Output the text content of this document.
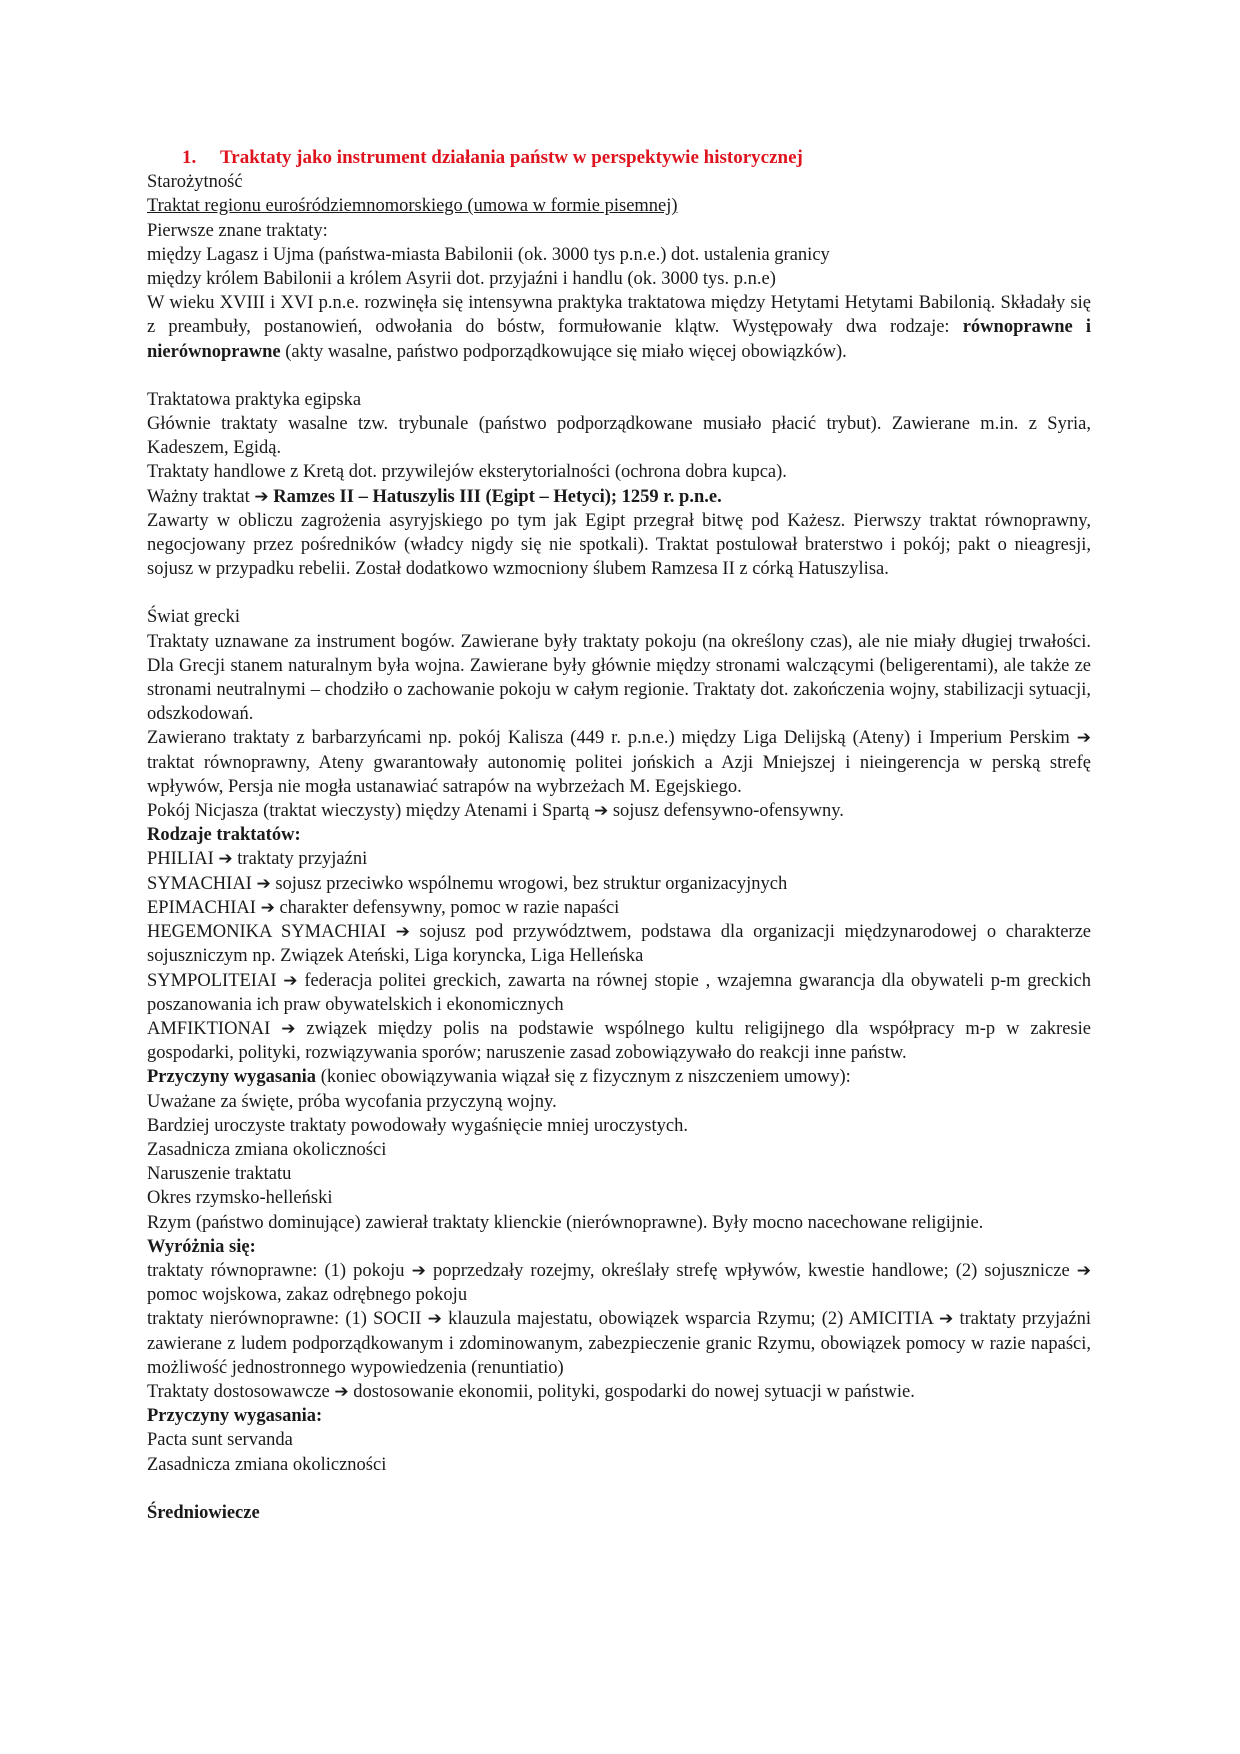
1. Traktaty jako instrument działania państw w perspektywie historycznej

Starożytność

Traktat regionu eurośródziemnomorskiego (umowa w formie pisemnej)

Pierwsze znane traktaty:

między Lagasz i Ujma (państwa-miasta Babilonii (ok. 3000 tys p.n.e.) dot. ustalenia granicy

między królem Babilonii a królem Asyrii dot. przyjaźni i handlu (ok. 3000 tys. p.n.e)

W wieku XVIII i XVI p.n.e. rozwinęła się intensywna praktyka traktatowa między Hetytami Hetytami Babilonią. Składały się z preambuły, postanowień, odwołania do bóstw, formułowanie klątw. Występowały dwa rodzaje: równoprawne i nierównoprawne (akty wasalne, państwo podporządkowujące się miało więcej obowiązków).

Traktatowa praktyka egipska

Głównie traktaty wasalne tzw. trybunale (państwo podporządkowane musiało płacić trybut). Zawierane m.in. z Syria, Kadeszem, Egidą.

Traktaty handlowe z Kretą dot. przywilejów eksterytorialności (ochrona dobra kupca).

Ważny traktat ➔ Ramzes II – Hatuszylis III (Egipt – Hetyci); 1259 r. p.n.e.

Zawarty w obliczu zagrożenia asyryjskiego po tym jak Egipt przegrał bitwę pod Każesz. Pierwszy traktat równoprawny, negocjowany przez pośredników (władcy nigdy się nie spotkali). Traktat postulował braterstwo i pokój; pakt o nieagresji, sojusz w przypadku rebelii. Został dodatkowo wzmocniony ślubem Ramzesa II z córką Hatuszylisa.

Świat grecki

Traktaty uznawane za instrument bogów. Zawierane były traktaty pokoju (na określony czas), ale nie miały długiej trwałości. Dla Grecji stanem naturalnym była wojna. Zawierane były głównie między stronami walczącymi (beligerentami), ale także ze stronami neutralnymi – chodziło o zachowanie pokoju w całym regionie. Traktaty dot. zakończenia wojny, stabilizacji sytuacji, odszkodowań.

Zawierano traktaty z barbarzyńcami np. pokój Kalisza (449 r. p.n.e.) między Liga Delijską (Ateny) i Imperium Perskim ➔ traktat równoprawny, Ateny gwarantowały autonomię politei jońskich a Azji Mniejszej i nieingerencja w perską strefę wpływów, Persja nie mogła ustanawiać satrapów na wybrzeżach M. Egejskiego.

Pokój Nicjasza (traktat wieczysty) między Atenami i Spartą ➔ sojusz defensywno-ofensywny.

Rodzaje traktatów:

PHILIAI ➔ traktaty przyjaźni

SYMACHIAI ➔ sojusz przeciwko wspólnemu wrogowi, bez struktur organizacyjnych

EPIMACHIAI ➔ charakter defensywny, pomoc w razie napaści

HEGEMONIKA SYMACHIAI ➔ sojusz pod przywództwem, podstawa dla organizacji międzynarodowej o charakterze sojuszniczym np. Związek Ateński, Liga koryncka, Liga Helleńska

SYMPOLITEIAI ➔ federacja politei greckich, zawarta na równej stopie , wzajemna gwarancja dla obywateli p-m greckich poszanowania ich praw obywatelskich i ekonomicznych

AMFIKTIONAI ➔ związek między polis na podstawie wspólnego kultu religijnego dla współpracy m-p w zakresie gospodarki, polityki, rozwiązywania sporów; naruszenie zasad zobowiązywało do reakcji inne państw.

Przyczyny wygasania (koniec obowiązywania wiązał się z fizycznym z niszczeniem umowy):

Uważane za święte, próba wycofania przyczyną wojny.

Bardziej uroczyste traktaty powodowały wygaśnięcie mniej uroczystych.

Zasadnicza zmiana okoliczności

Naruszenie traktatu

Okres rzymsko-helleński

Rzym (państwo dominujące) zawierał traktaty klienckie (nierównoprawne). Były mocno nacechowane religijnie.

Wyróżnia się:

traktaty równoprawne: (1) pokoju ➔ poprzedzały rozejmy, określały strefę wpływów, kwestie handlowe; (2) sojusznicze ➔ pomoc wojskowa, zakaz odrębnego pokoju

traktaty nierównoprawne: (1) SOCII ➔ klauzula majestatu, obowiązek wsparcia Rzymu; (2) AMICITIA ➔ traktaty przyjaźni zawierane z ludem podporządkowanym i zdominowanym, zabezpieczenie granic Rzymu, obowiązek pomocy w razie napaści, możliwość jednostronnego wypowiedzenia (renuntiatio)

Traktaty dostosowawcze ➔ dostosowanie ekonomii, polityki, gospodarki do nowej sytuacji w państwie.

Przyczyny wygasania:

Pacta sunt servanda

Zasadnicza zmiana okoliczności

Średniowiecze
